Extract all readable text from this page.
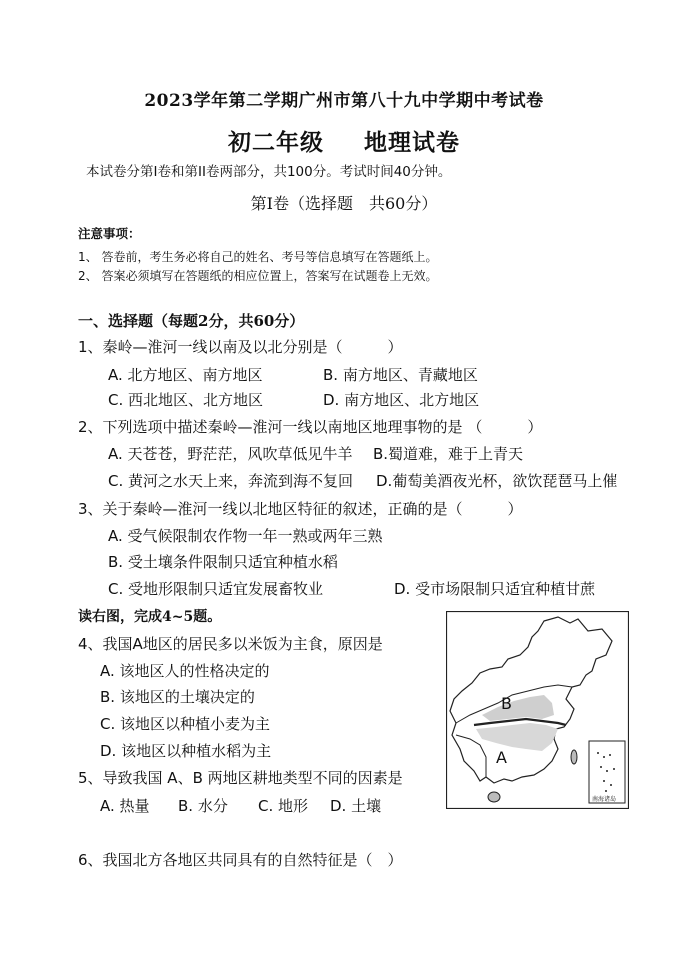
2023学年第二学期广州市第八十九中学期中考试卷
初二年级 地理试卷
本试卷分第I卷和第II卷两部分，共100分。考试时间40分钟。
第I卷（选择题　共60分）
注意事项：
1、 答卷前，考生务必将自己的姓名、考号等信息填写在答题纸上。
2、 答案必须填写在答题纸的相应位置上，答案写在试题卷上无效。
一、选择题（每题2分，共60分）
1、秦岭—淮河一线以南及以北分别是（　　　）
A. 北方地区、南方地区	B. 南方地区、青藏地区
C. 西北地区、北方地区	D. 南方地区、北方地区
2、下列选项中描述秦岭—淮河一线以南地区地理事物的是 （　　　）
A. 天苍苍，野茫茫，风吹草低见牛羊 B.蜀道难，难于上青天
C. 黄河之水天上来，奔流到海不复回 D.葡萄美酒夜光杯，欲饮琵琶马上催
3、关于秦岭—淮河一线以北地区特征的叙述，正确的是（　　　）
A. 受气候限制农作物一年一熟或两年三熟
B. 受土壤条件限制只适宜种植水稻
C. 受地形限制只适宜发展畜牧业	D. 受市场限制只适宜种植甘蔗
读右图，完成4~5题。
4、我国A地区的居民多以米饭为主食，原因是
A. 该地区人的性格决定的
B. 该地区的土壤决定的
C. 该地区以种植小麦为主
D. 该地区以种植水稻为主
5、导致我国 A、B 两地区耕地类型不同的因素是
A. 热量 B. 水分 C. 地形 D. 土壤
6、我国北方各地区共同具有的自然特征是（　）
B
A
南海诸岛
